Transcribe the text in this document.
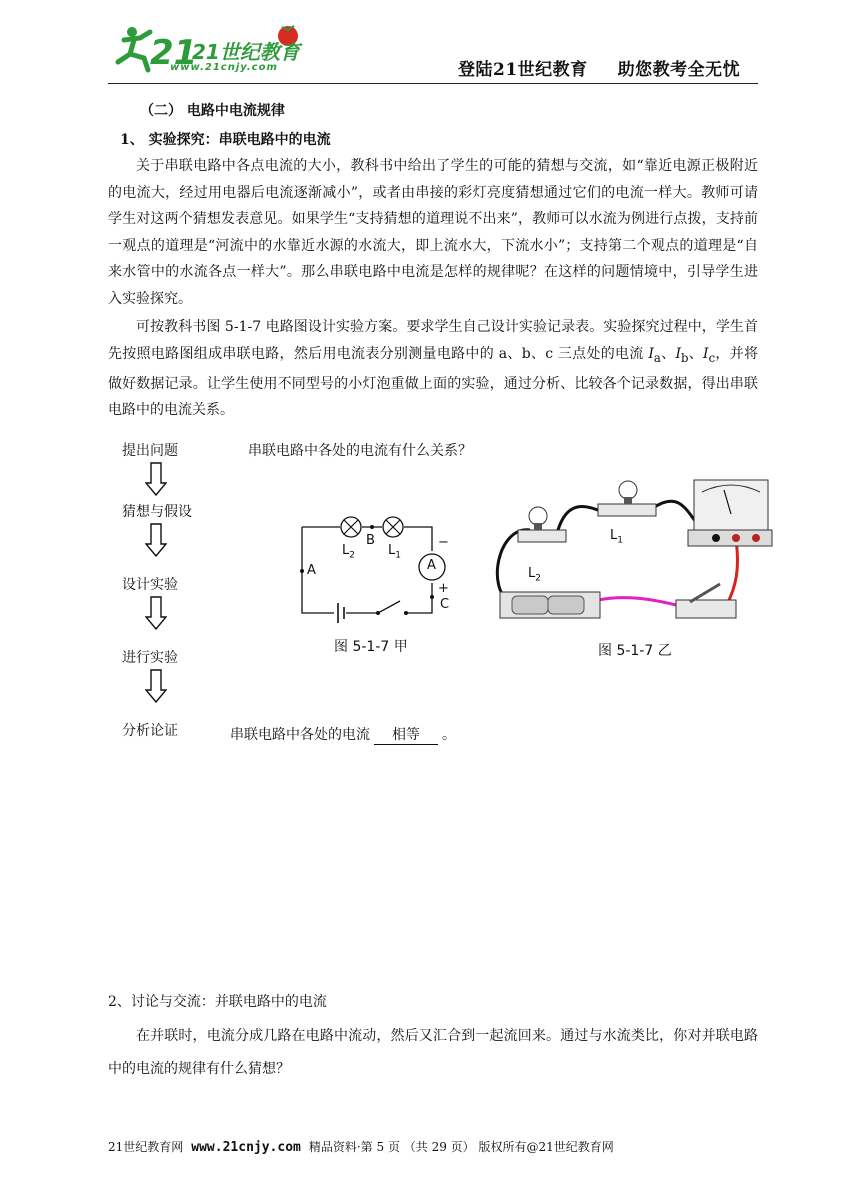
21
21世纪教育
www.21cnjy.com	登陆21世纪教育 助您教考全无忧
（二） 电路中电流规律
1、 实验探究：串联电路中的电流

关于串联电路中各点电流的大小，教科书中给出了学生的可能的猜想与交流，如“靠近电源正极附近的电流大，经过用电器后电流逐渐减小”，或者由串接的彩灯亮度猜想通过它们的电流一样大。教师可请学生对这两个猜想发表意见。如果学生“支持猜想的道理说不出来”，教师可以水流为例进行点拨，支持前一观点的道理是“河流中的水靠近水源的水流大，即上流水大，下流水小”；支持第二个观点的道理是“自来水管中的水流各点一样大”。那么串联电路中电流是怎样的规律呢？在这样的问题情境中，引导学生进入实验探究。

可按教科书图 5-1-7 电路图设计实验方案。要求学生自己设计实验记录表。实验探究过程中，学生首先按照电路图组成串联电路，然后用电流表分别测量电路中的 a、b、c 三点处的电流 $I_a$、$I_b$、$I_c$，并将做好数据记录。让学生使用不同型号的小灯泡重做上面的实验，通过分析、比较各个记录数据，得出串联电路中的电流关系。

提出问题
猜想与假设
设计实验
进行实验
分析论证
串联电路中各处的电流有什么关系？
串联电路中各处的电流 相等 。
$L_2$
B
$L_1$
A	A
−
+
C
图 5-1-7 甲
$L_1$
$L_2$
图 5-1-7 乙
2、讨论与交流：并联电路中的电流

在并联时，电流分成几路在电路中流动，然后又汇合到一起流回来。通过与水流类比，你对并联电路中的电流的规律有什么猜想？

21世纪教育网 www.21cnjy.com 精品资料·第 5 页 （共 29 页） 版权所有@21世纪教育网
